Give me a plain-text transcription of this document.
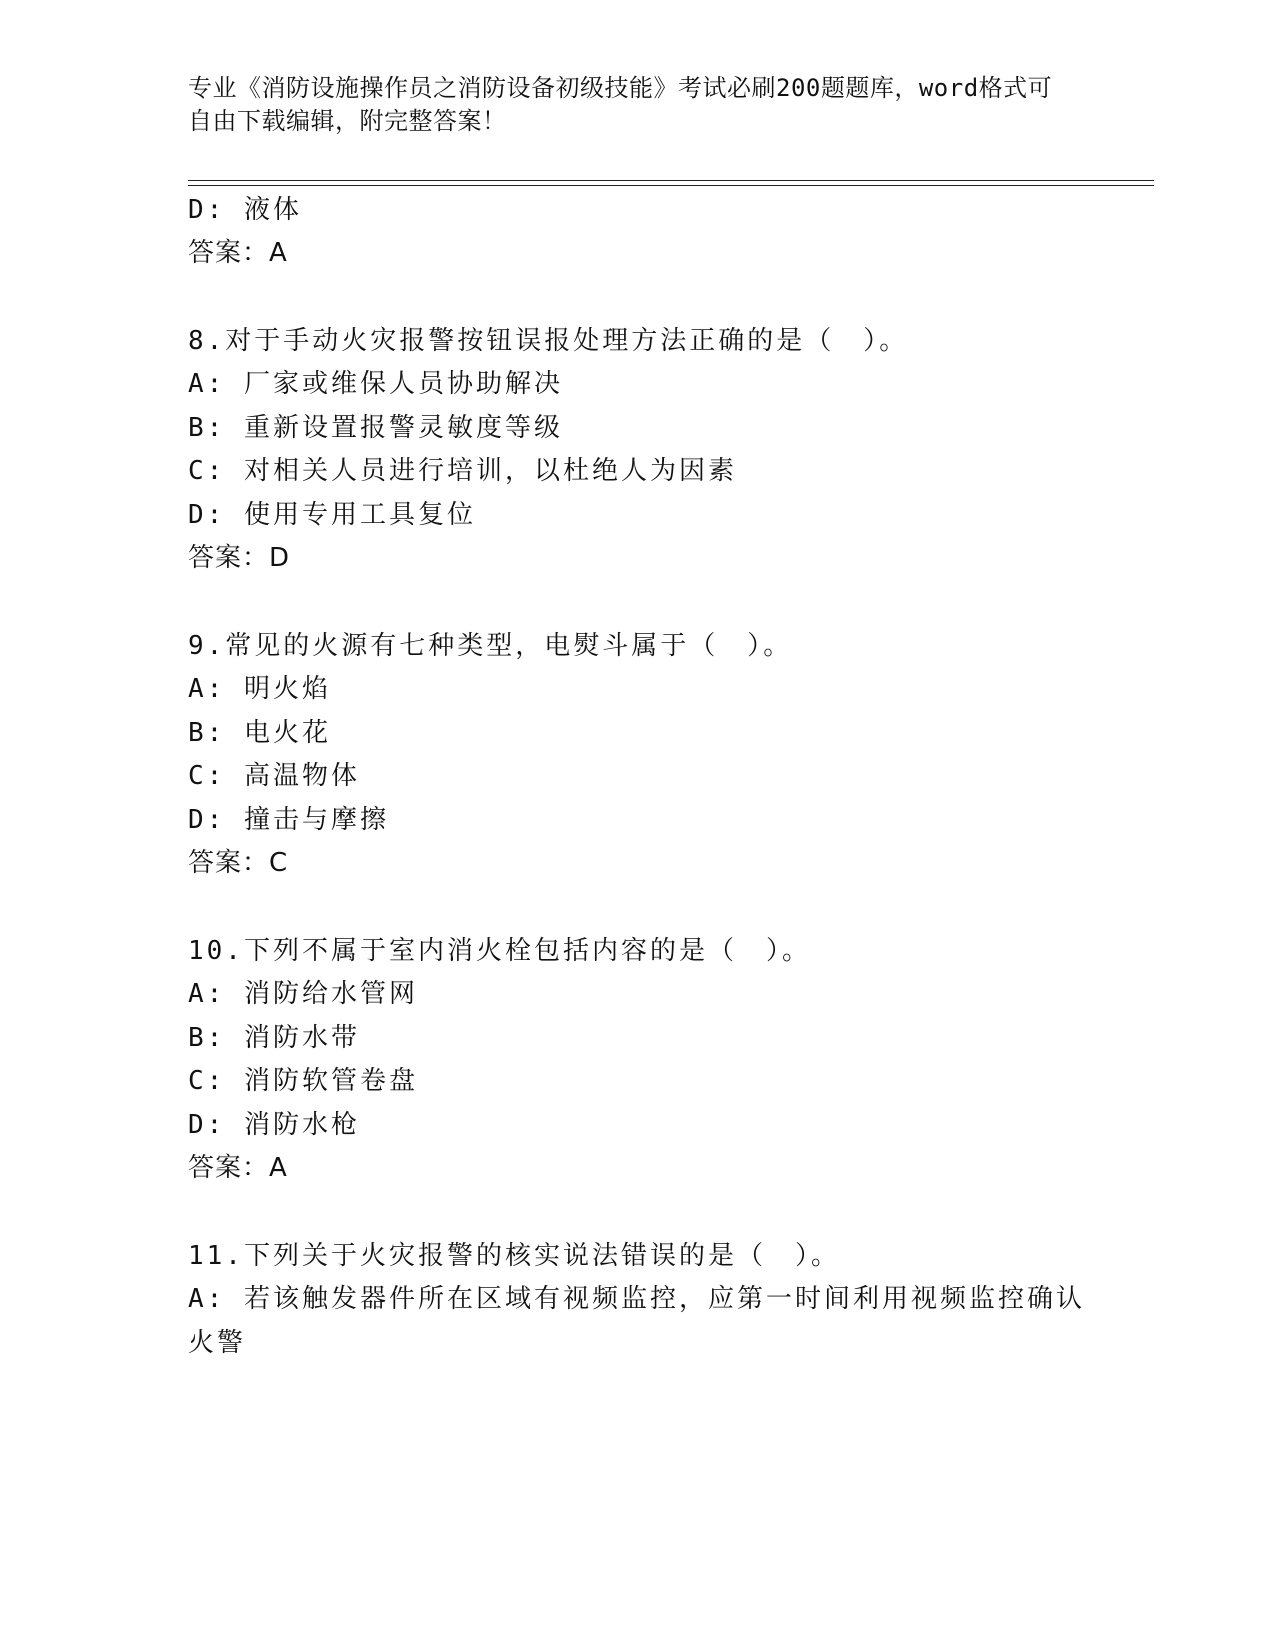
专业《消防设施操作员之消防设备初级技能》考试必刷200题题库，word格式可
自由下载编辑，附完整答案！
D: 液体
答案：A
8.对于手动火灾报警按钮误报处理方法正确的是（　）。
A: 厂家或维保人员协助解决
B: 重新设置报警灵敏度等级
C: 对相关人员进行培训，以杜绝人为因素
D: 使用专用工具复位
答案：D
9.常见的火源有七种类型，电熨斗属于（　）。
A: 明火焰
B: 电火花
C: 高温物体
D: 撞击与摩擦
答案：C
10.下列不属于室内消火栓包括内容的是（　）。
A: 消防给水管网
B: 消防水带
C: 消防软管卷盘
D: 消防水枪
答案：A
11.下列关于火灾报警的核实说法错误的是（　）。
A: 若该触发器件所在区域有视频监控，应第一时间利用视频监控确认
火警
